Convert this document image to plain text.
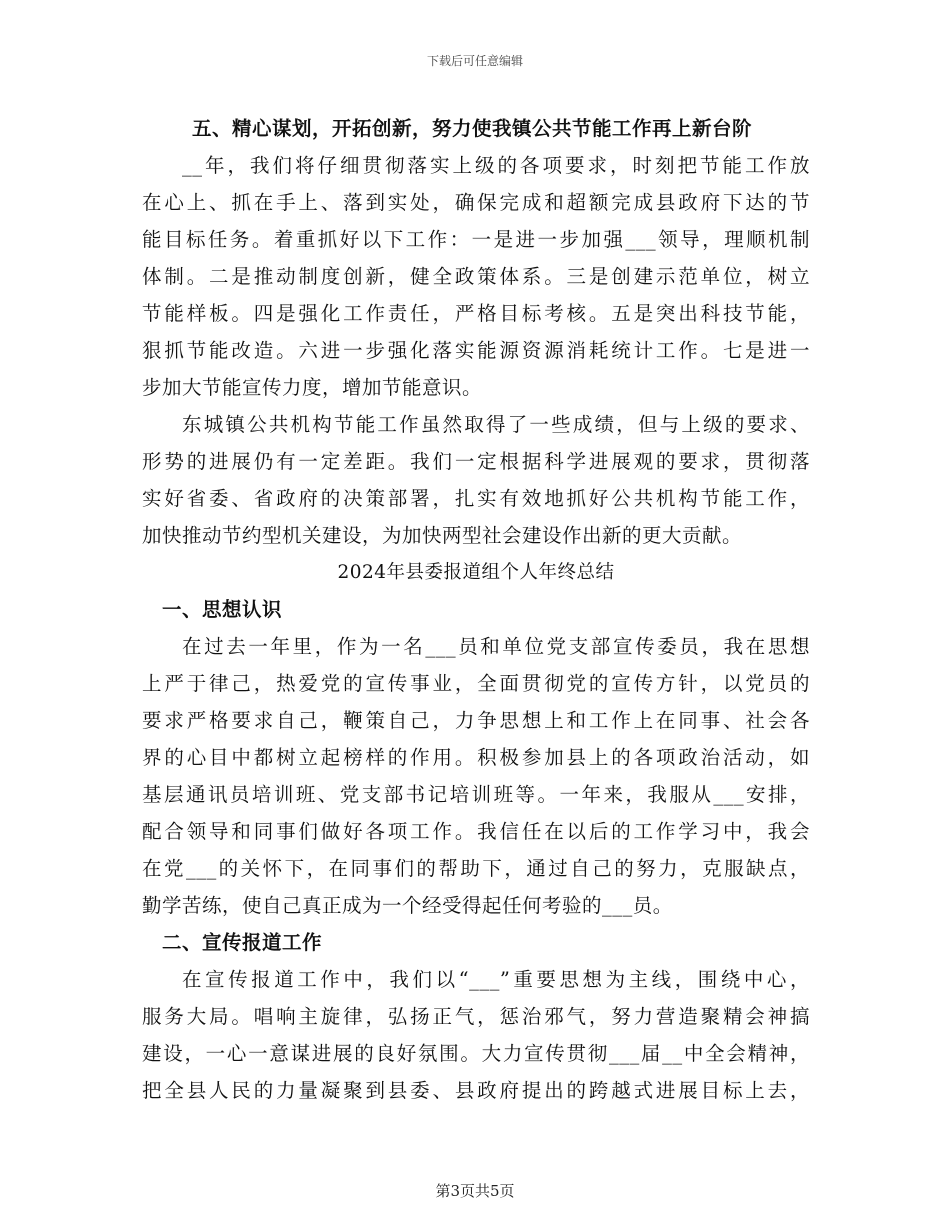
下载后可任意编辑
五、精心谋划，开拓创新，努力使我镇公共节能工作再上新台阶
__年，我们将仔细贯彻落实上级的各项要求，时刻把节能工作放
在心上、抓在手上、落到实处，确保完成和超额完成县政府下达的节
能目标任务。着重抓好以下工作：一是进一步加强___领导，理顺机制
体制。二是推动制度创新，健全政策体系。三是创建示范单位，树立
节能样板。四是强化工作责任，严格目标考核。五是突出科技节能，
狠抓节能改造。六进一步强化落实能源资源消耗统计工作。七是进一
步加大节能宣传力度，增加节能意识。
东城镇公共机构节能工作虽然取得了一些成绩，但与上级的要求、
形势的进展仍有一定差距。我们一定根据科学进展观的要求，贯彻落
实好省委、省政府的决策部署，扎实有效地抓好公共机构节能工作，
加快推动节约型机关建设，为加快两型社会建设作出新的更大贡献。
2024年县委报道组个人年终总结
一、思想认识
在过去一年里，作为一名___员和单位党支部宣传委员，我在思想
上严于律己，热爱党的宣传事业，全面贯彻党的宣传方针，以党员的
要求严格要求自己，鞭策自己，力争思想上和工作上在同事、社会各
界的心目中都树立起榜样的作用。积极参加县上的各项政治活动，如
基层通讯员培训班、党支部书记培训班等。一年来，我服从___安排，
配合领导和同事们做好各项工作。我信任在以后的工作学习中，我会
在党___的关怀下，在同事们的帮助下，通过自己的努力，克服缺点，
勤学苦练，使自己真正成为一个经受得起任何考验的___员。
二、宣传报道工作
在宣传报道工作中，我们以“___”重要思想为主线，围绕中心，
服务大局。唱响主旋律，弘扬正气，惩治邪气，努力营造聚精会神搞
建设，一心一意谋进展的良好氛围。大力宣传贯彻___届__中全会精神，
把全县人民的力量凝聚到县委、县政府提出的跨越式进展目标上去，
第3页共5页
